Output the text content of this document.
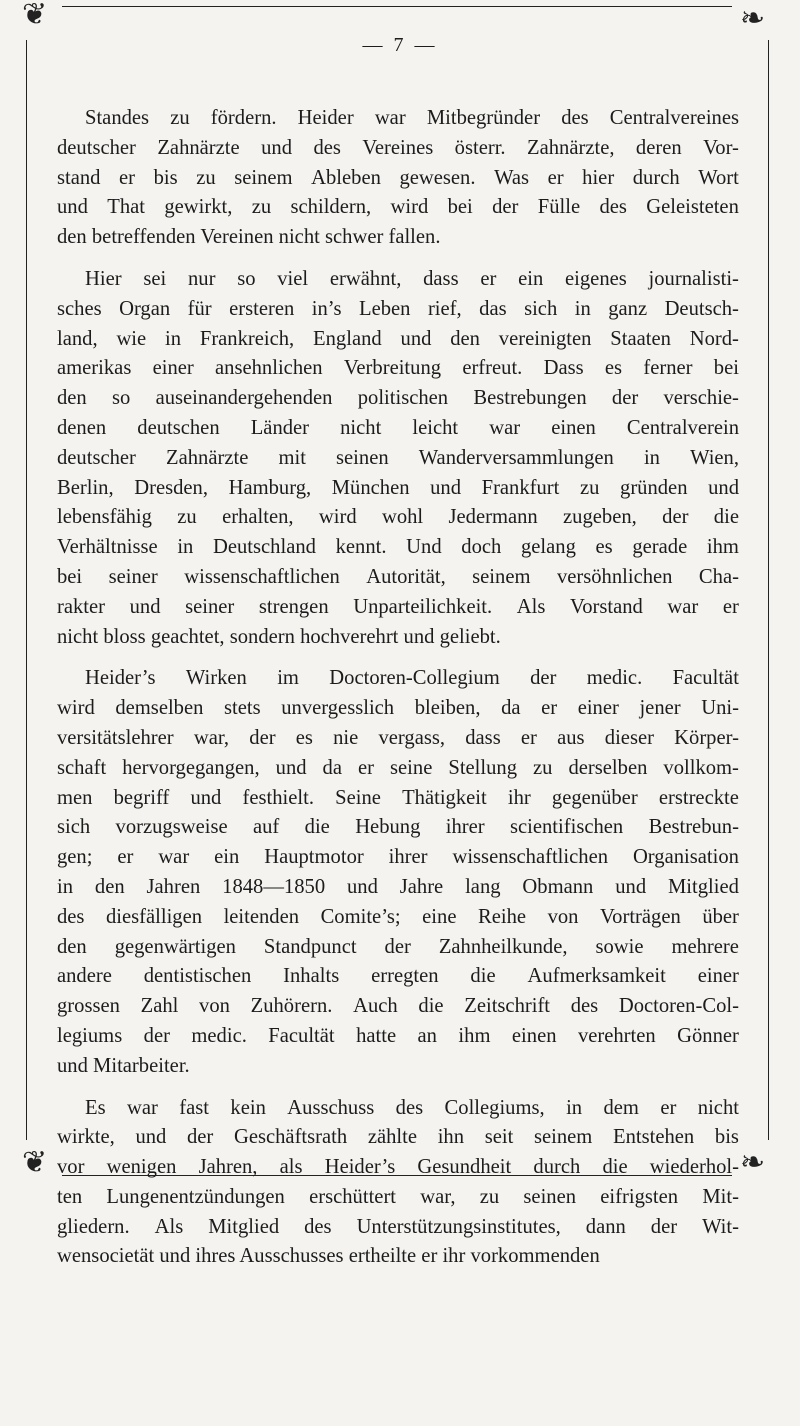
❦	❧
❦	❧
— 7 —
Standes zu fördern. Heider war Mitbegründer des Centralvereines
deutscher Zahnärzte und des Vereines österr. Zahnärzte, deren Vor-
stand er bis zu seinem Ableben gewesen. Was er hier durch Wort
und That gewirkt, zu schildern, wird bei der Fülle des Geleisteten
den betreffenden Vereinen nicht schwer fallen.
Hier sei nur so viel erwähnt, dass er ein eigenes journalisti-
sches Organ für ersteren in’s Leben rief, das sich in ganz Deutsch-
land, wie in Frankreich, England und den vereinigten Staaten Nord-
amerikas einer ansehnlichen Verbreitung erfreut. Dass es ferner bei
den so auseinandergehenden politischen Bestrebungen der verschie-
denen deutschen Länder nicht leicht war einen Centralverein
deutscher Zahnärzte mit seinen Wanderversammlungen in Wien,
Berlin, Dresden, Hamburg, München und Frankfurt zu gründen und
lebensfähig zu erhalten, wird wohl Jedermann zugeben, der die
Verhältnisse in Deutschland kennt. Und doch gelang es gerade ihm
bei seiner wissenschaftlichen Autorität, seinem versöhnlichen Cha-
rakter und seiner strengen Unparteilichkeit. Als Vorstand war er
nicht bloss geachtet, sondern hochverehrt und geliebt.
Heider’s Wirken im Doctoren-Collegium der medic. Facultät
wird demselben stets unvergesslich bleiben, da er einer jener Uni-
versitätslehrer war, der es nie vergass, dass er aus dieser Körper-
schaft hervorgegangen, und da er seine Stellung zu derselben vollkom-
men begriff und festhielt. Seine Thätigkeit ihr gegenüber erstreckte
sich vorzugsweise auf die Hebung ihrer scientifischen Bestrebun-
gen; er war ein Hauptmotor ihrer wissenschaftlichen Organisation
in den Jahren 1848—1850 und Jahre lang Obmann und Mitglied
des diesfälligen leitenden Comite’s; eine Reihe von Vorträgen über
den gegenwärtigen Standpunct der Zahnheilkunde, sowie mehrere
andere dentistischen Inhalts erregten die Aufmerksamkeit einer
grossen Zahl von Zuhörern. Auch die Zeitschrift des Doctoren-Col-
legiums der medic. Facultät hatte an ihm einen verehrten Gönner
und Mitarbeiter.
Es war fast kein Ausschuss des Collegiums, in dem er nicht
wirkte, und der Geschäftsrath zählte ihn seit seinem Entstehen bis
vor wenigen Jahren, als Heider’s Gesundheit durch die wiederhol-
ten Lungenentzündungen erschüttert war, zu seinen eifrigsten Mit-
gliedern. Als Mitglied des Unterstützungsinstitutes, dann der Wit-
wensocietät und ihres Ausschusses ertheilte er ihr vorkommenden
